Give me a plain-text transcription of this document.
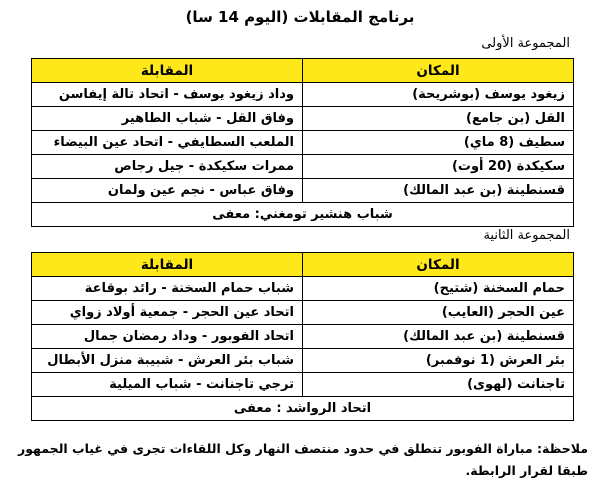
برنامج المقابلات (اليوم 14 سا)
المجموعة الأولى
المكان	المقابلة
زيغود يوسف (بوشريحة)	وداد زيغود يوسف - اتحاد تالة إيفاسن
القل (بن جامع)	وفاق القل - شباب الطاهير
سطيف (8 ماي)	الملعب السطايفي - اتحاد عين البيضاء
سكيكدة (20 أوت)	ممرات سكيكدة - جيل رجاص
قسنطينة (بن عبد المالك)	وفاق عباس - نجم عين ولمان
شباب هنشير تومغني: معفى	
المجموعة الثانية
المكان	المقابلة
حمام السخنة (شتيح)	شباب حمام السخنة - رائد بوقاعة
عين الحجر (العايب)	اتحاد عين الحجر - جمعية أولاد زواي
قسنطينة (بن عبد المالك)	اتحاد الفوبور - وداد رمضان جمال
بئر العرش (1 نوفمبر)	شباب بئر العرش - شبيبة منزل الأبطال
تاجنانت (لهوى)	ترجي تاجنانت - شباب الميلية
اتحاد الرواشد : معفى	
ملاحظة: مباراة الفوبور تنطلق في حدود منتصف النهار وكل اللقاءات تجرى في غياب الجمهور
طبقا لقرار الرابطة.
